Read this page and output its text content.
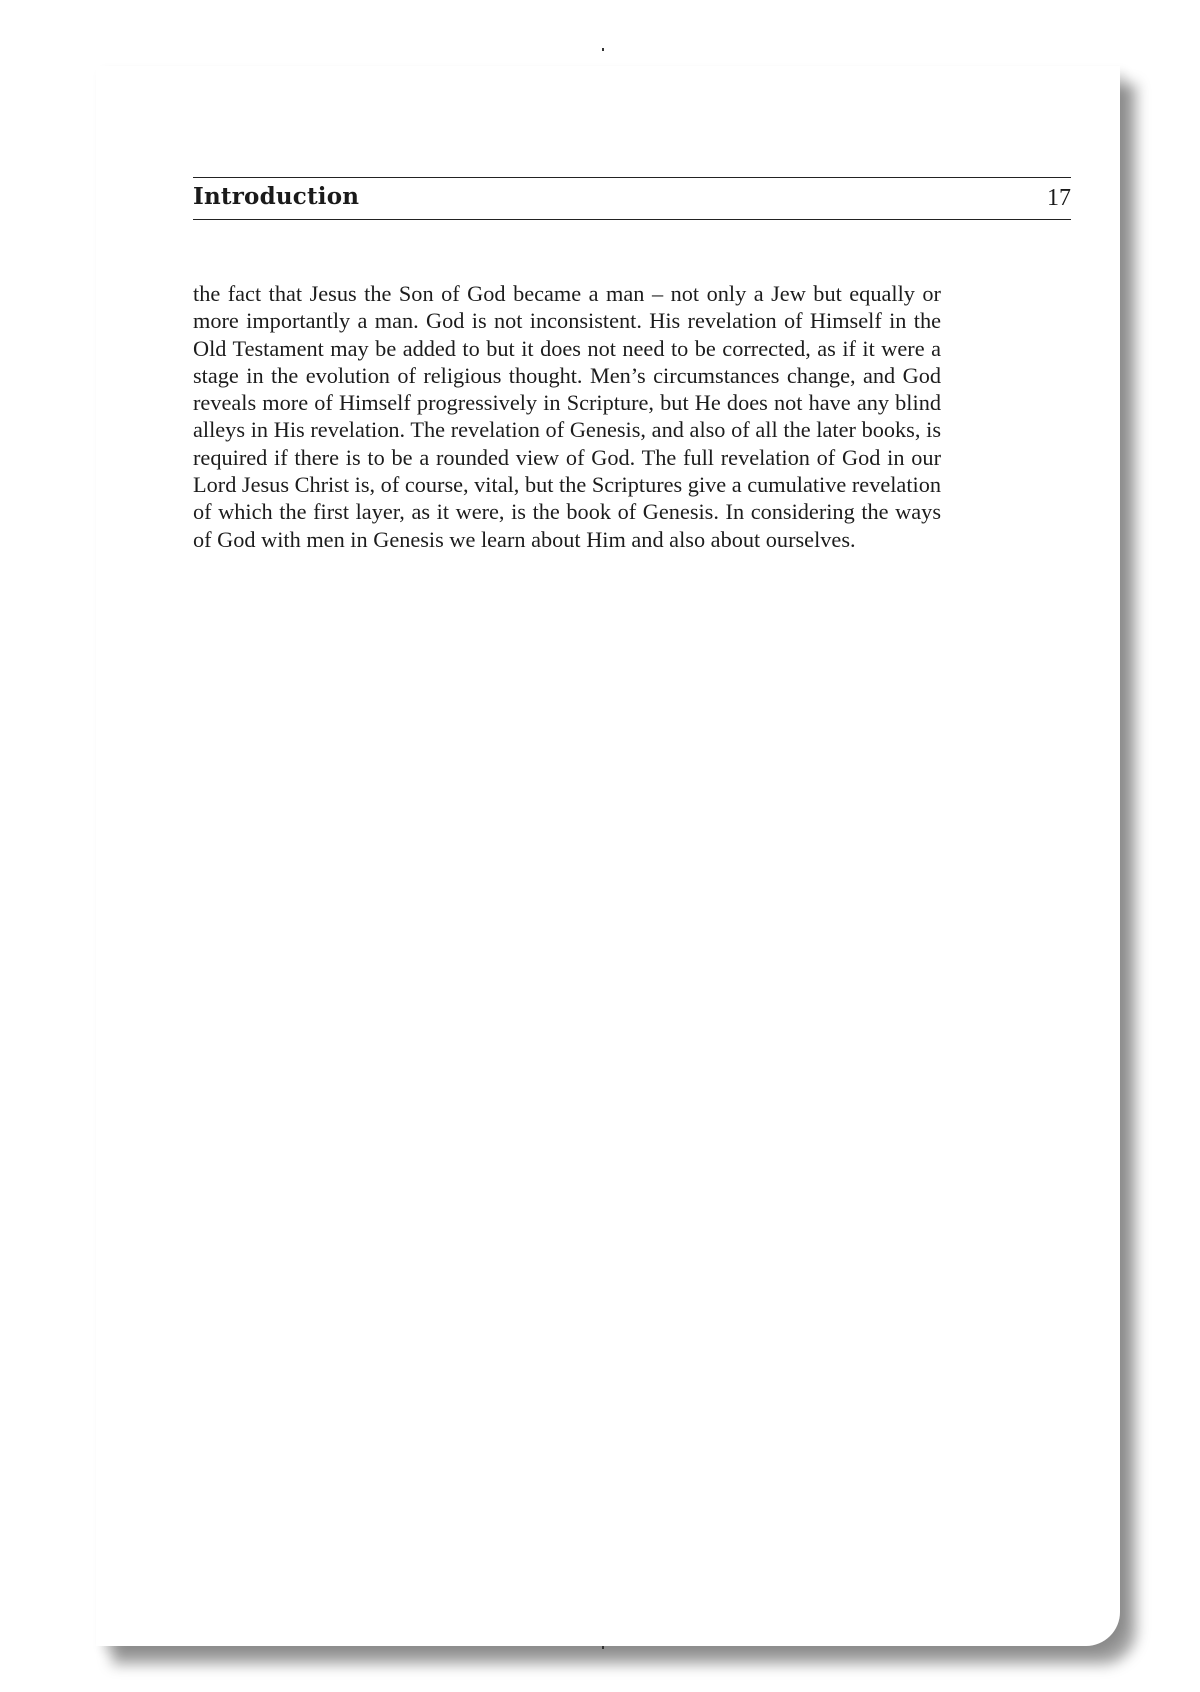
Introduction	17

the fact that Jesus the Son of God became a man – not only a Jew but equally or more importantly a man. God is not inconsistent. His revelation of Himself in the Old Testament may be added to but it does not need to be corrected, as if it were a stage in the evolution of religious thought. Men’s circumstances change, and God reveals more of Himself progressively in Scripture, but He does not have any blind alleys in His revelation. The revelation of Genesis, and also of all the later books, is required if there is to be a rounded view of God. The full revelation of God in our Lord Jesus Christ is, of course, vital, but the Scriptures give a cumulative revelation of which the first layer, as it were, is the book of Genesis. In considering the ways of God with men in Genesis we learn about Him and also about ourselves.
